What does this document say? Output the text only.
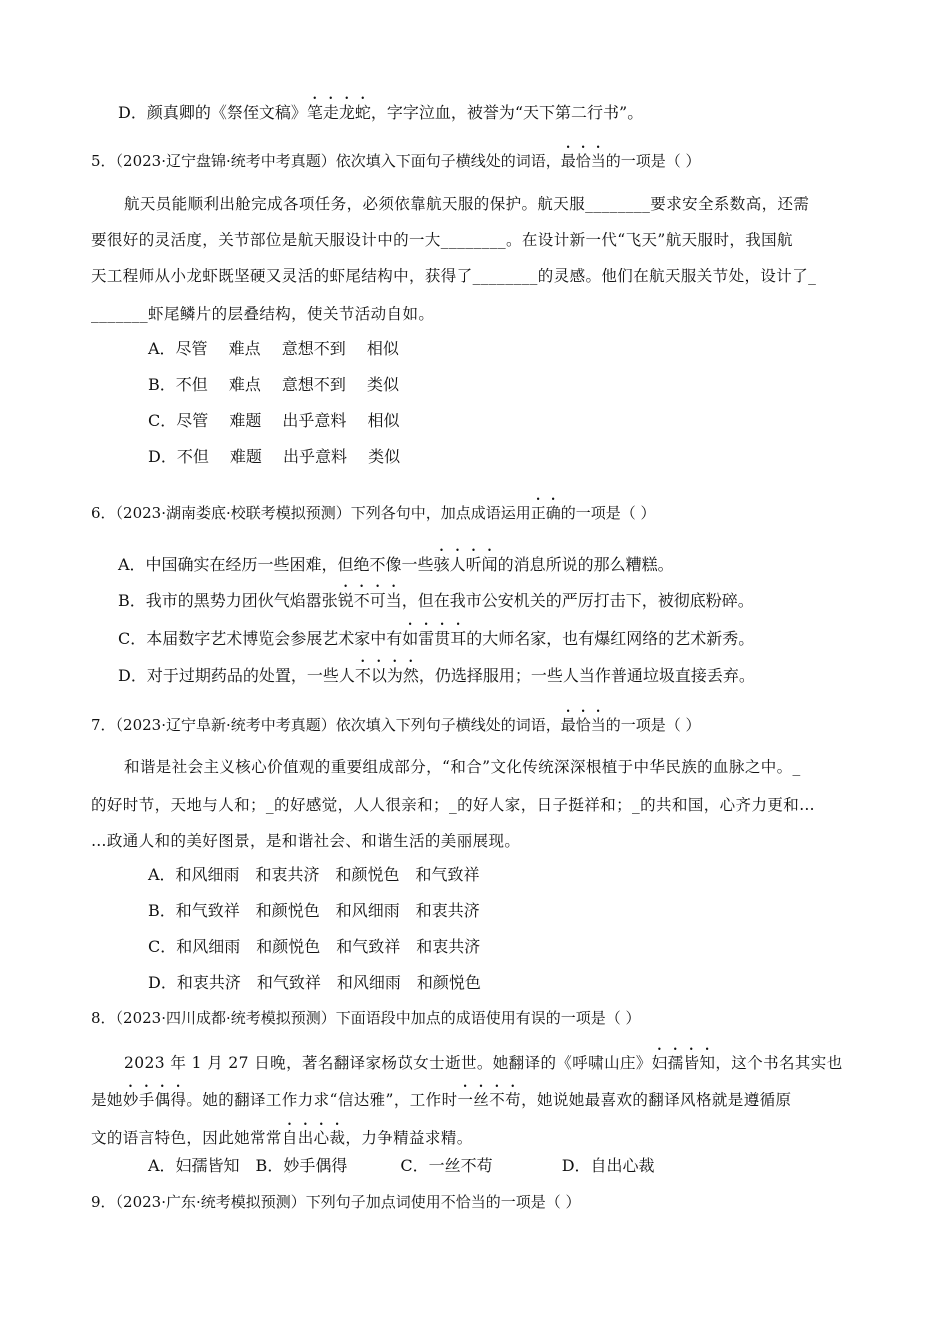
D．颜真卿的《祭侄文稿》笔走龙蛇，字字泣血，被誉为“天下第二行书”。
5．（2023·辽宁盘锦·统考中考真题）依次填入下面句子横线处的词语，最恰当的一项是（ ）
航天员能顺利出舱完成各项任务，必须依靠航天服的保护。航天服________要求安全系数高，还需
要很好的灵活度，关节部位是航天服设计中的一大________。在设计新一代“飞天”航天服时，我国航
天工程师从小龙虾既坚硬又灵活的虾尾结构中，获得了________的灵感。他们在航天服关节处，设计了_
_______虾尾鳞片的层叠结构，使关节活动自如。
A．尽管　 难点　 意想不到　 相似
B．不但　 难点　 意想不到　 类似
C．尽管　 难题　 出乎意料　 相似
D．不但　 难题　 出乎意料　 类似
6．（2023·湖南娄底·校联考模拟预测）下列各句中，加点成语运用正确的一项是（ ）
A．中国确实在经历一些困难，但绝不像一些骇人听闻的消息所说的那么糟糕。
B．我市的黑势力团伙气焰嚣张锐不可当，但在我市公安机关的严厉打击下，被彻底粉碎。
C．本届数字艺术博览会参展艺术家中有如雷贯耳的大师名家，也有爆红网络的艺术新秀。
D．对于过期药品的处置，一些人不以为然，仍选择服用；一些人当作普通垃圾直接丢弃。
7．（2023·辽宁阜新·统考中考真题）依次填入下列句子横线处的词语，最恰当的一项是（ ）
和谐是社会主义核心价值观的重要组成部分，“和合”文化传统深深根植于中华民族的血脉之中。_
的好时节，天地与人和；_的好感觉，人人很亲和；_的好人家，日子挺祥和；_的共和国，心齐力更和…
…政通人和的美好图景，是和谐社会、和谐生活的美丽展现。
A．和风细雨　和衷共济　和颜悦色　和气致祥
B．和气致祥　和颜悦色　和风细雨　和衷共济
C．和风细雨　和颜悦色　和气致祥　和衷共济
D．和衷共济　和气致祥　和风细雨　和颜悦色
8．（2023·四川成都·统考模拟预测）下面语段中加点的成语使用有误的一项是（ ）
2023 年 1 月 27 日晚，著名翻译家杨苡女士逝世。她翻译的《呼啸山庄》妇孺皆知，这个书名其实也
是她妙手偶得。她的翻译工作力求“信达雅”，工作时一丝不苟，她说她最喜欢的翻译风格就是遵循原
文的语言特色，因此她常常自出心裁，力争精益求精。
A．妇孺皆知　B．妙手偶得　　　 C．一丝不苟　　　　 D．自出心裁
9．（2023·广东·统考模拟预测）下列句子加点词使用不恰当的一项是（ ）
